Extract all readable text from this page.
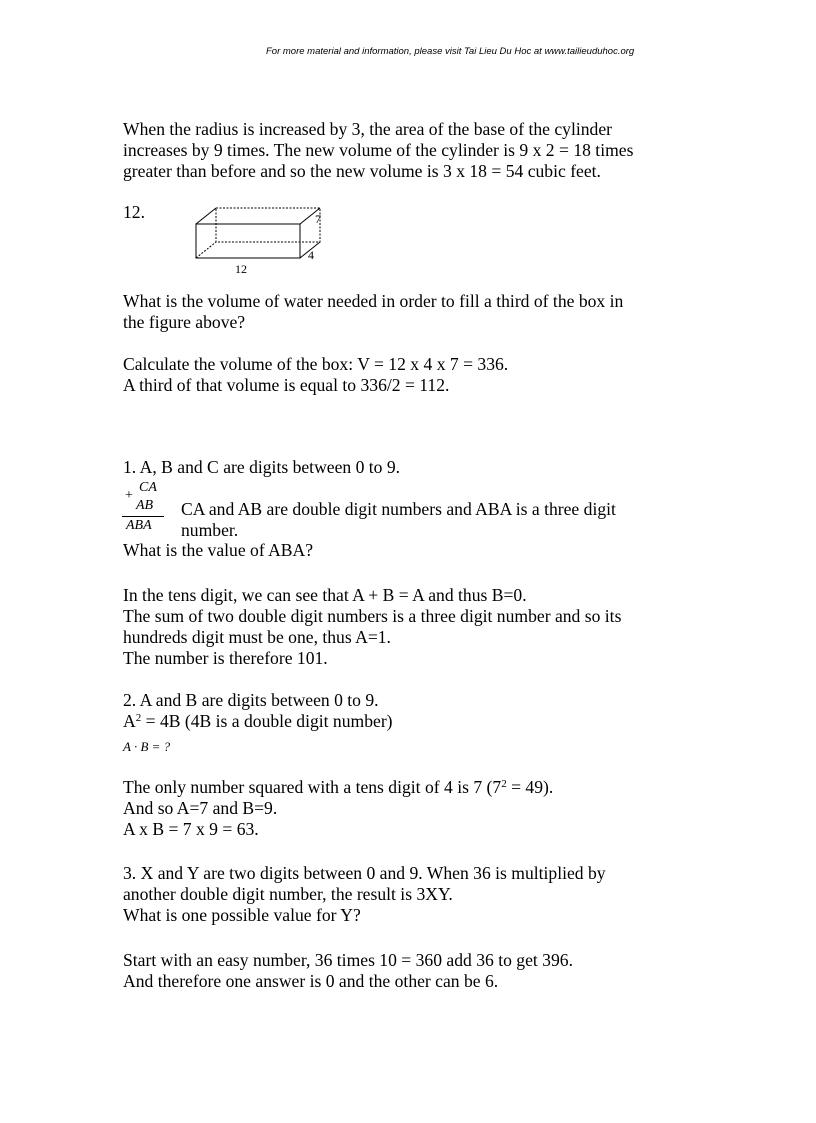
For more material and information, please visit Tai Lieu Du Hoc at www.tailieuduhoc.org
When the radius is increased by 3, the area of the base of the cylinder
increases by 9 times. The new volume of the cylinder is 9 x 2 = 18 times
greater than before and so the new volume is 3 x 18 = 54 cubic feet.
12.	7
4
12
What is the volume of water needed in order to fill a third of the box in
the figure above?
Calculate the volume of the box: V = 12 x 4 x 7 = 336.
A third of that volume is equal to 336/2 = 112.
1. A, B and C are digits between 0 to 9.
CA
+
AB
ABA
CA and AB are double digit numbers and ABA is a three digit
number.
What is the value of ABA?
In the tens digit, we can see that A + B = A and thus B=0.
The sum of two double digit numbers is a three digit number and so its
hundreds digit must be one, thus A=1.
The number is therefore 101.
2. A and B are digits between 0 to 9.
$A^2 = 4B$ (4B is a double digit number)
A · B = ?
The only number squared with a tens digit of 4 is 7 $(7^2 = 49)$.
And so A=7 and B=9.
A x B = 7 x 9 = 63.
3. X and Y are two digits between 0 and 9. When 36 is multiplied by
another double digit number, the result is 3XY.
What is one possible value for Y?
Start with an easy number, 36 times 10 = 360 add 36 to get 396.
And therefore one answer is 0 and the other can be 6.
